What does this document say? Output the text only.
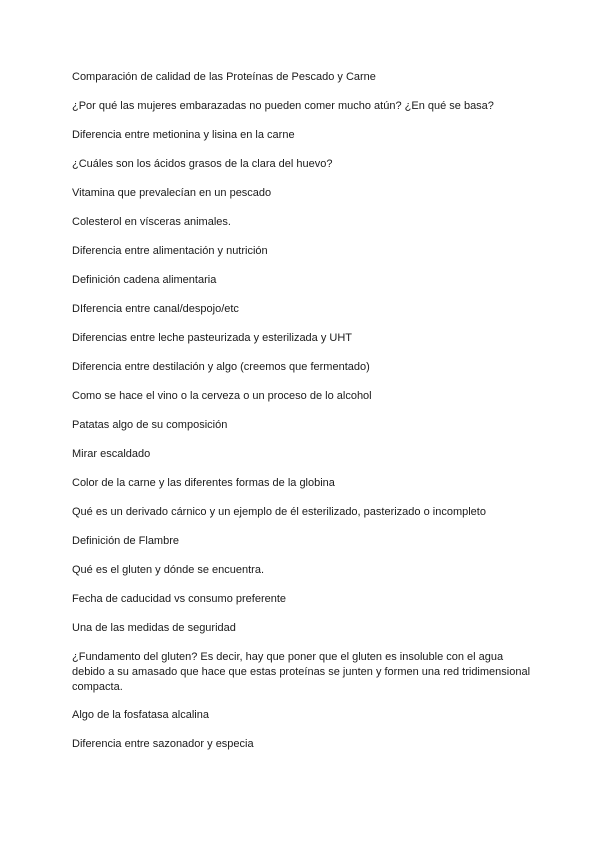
Comparación de calidad de las Proteínas de Pescado y Carne

¿Por qué las mujeres embarazadas no pueden comer mucho atún? ¿En qué se basa?

Diferencia entre metionina y lisina en la carne

¿Cuáles son los ácidos grasos de la clara del huevo?

Vitamina que prevalecían en un pescado

Colesterol en vísceras animales.

Diferencia entre alimentación y nutrición

Definición cadena alimentaria

DIferencia entre canal/despojo/etc

Diferencias entre leche pasteurizada y esterilizada y UHT

Diferencia entre destilación y algo (creemos que fermentado)

Como se hace el vino o la cerveza o un proceso de lo alcohol

Patatas algo de su composición

Mirar escaldado

Color de la carne y las diferentes formas de la globina

Qué es un derivado cárnico y un ejemplo de él esterilizado, pasterizado o incompleto

Definición de Flambre

Qué es el gluten y dónde se encuentra.

Fecha de caducidad vs consumo preferente

Una de las medidas de seguridad

¿Fundamento del gluten? Es decir, hay que poner que el gluten es insoluble con el agua debido a su amasado que hace que estas proteínas se junten y formen una red tridimensional compacta.

Algo de la fosfatasa alcalina

Diferencia entre sazonador y especia
